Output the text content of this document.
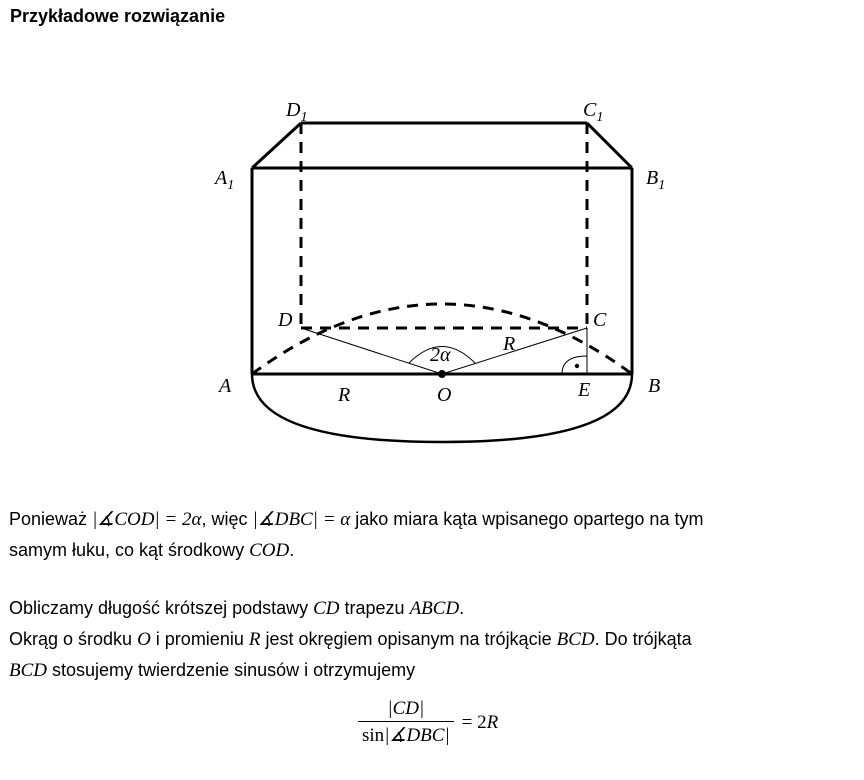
Przykładowe rozwiązanie
$D_1$	$C_1$
$A_1$	$B_1$
D	C
A	B
O	E
R
R
2α
Ponieważ |∡COD| = 2α, więc |∡DBC| = α jako miara kąta wpisanego opartego na tym
samym łuku, co kąt środkowy COD.
Obliczamy długość krótszej podstawy CD trapezu ABCD.
Okrąg o środku O i promieniu R jest okręgiem opisanym na trójkącie BCD. Do trójkąta
BCD stosujemy twierdzenie sinusów i otrzymujemy
$\frac{|CD|}{\text{sin|∡DBC|}} = 2R$
